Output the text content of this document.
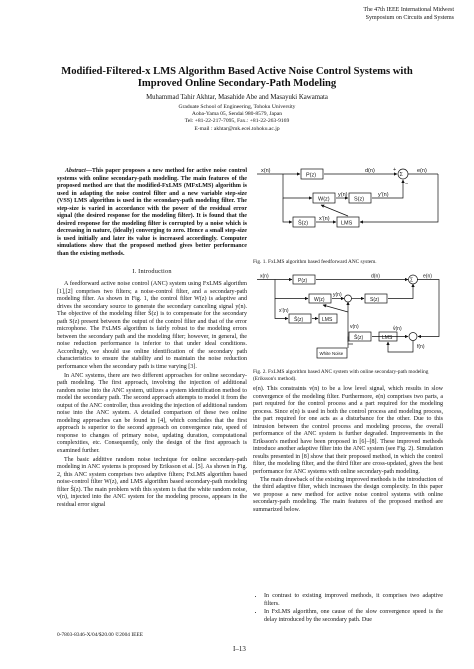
The 47th IEEE International Midwest
Symposium on Circuits and Systems
Modified-Filtered-x LMS Algorithm Based Active Noise Control Systems with
Improved Online Secondary-Path Modeling
Muhammad Tahir Akhtar, Masahide Abe and Masayuki Kawamata
Graduate School of Engineering, Tohoku University
Aoba-Yama 05, Sendai 980-8579, Japan
Tel: +81-22-217-7095, Fax.: +81-22-263-9169
E-mail : akhtar@mk.ecei.tohoku.ac.jp

Abstract—This paper proposes a new method for active noise control systems with online secondary-path modeling. The main features of the proposed method are that the modified-FxLMS (MFxLMS) algorithm is used in adapting the noise control filter and a new variable step-size (VSS) LMS algorithm is used in the secondary-path modeling filter. The step-size is varied in accordance with the power of the residual error signal (the desired response for the modeling filter). It is found that the desired response for the modeling filter is corrupted by a noise which is decreasing in nature, (ideally) converging to zero. Hence a small step-size is used initially and later its value is increased accordingly. Computer simulations show that the proposed method gives better performance than the existing methods.

I. Introduction

A feedforward active noise control (ANC) system using FxLMS algorithm [1],[2] comprises two filters; a noise-control filter, and a secondary-path modeling filter. As shown in Fig. 1, the control filter W(z) is adaptive and drives the secondary source to generate the secondary canceling signal y(n). The objective of the modeling filter Ŝ(z) is to compensate for the secondary path S(z) present between the output of the control filter and that of the error microphone. The FxLMS algorithm is fairly robust to the modeling errors between the secondary path and the modeling filter; however, in general, the noise reduction performance is inferior to that under ideal conditions. Accordingly, we should use online identification of the secondary path characteristics to ensure the stability and to maintain the noise reduction performance when the secondary path is time varying [3].

In ANC systems, there are two different approaches for online secondary-path modeling. The first approach, involving the injection of additional random noise into the ANC system, utilizes a system identification method to model the secondary path. The second approach attempts to model it from the output of the ANC controller, thus avoiding the injection of additional random noise into the ANC system. A detailed comparison of these two online modeling approaches can be found in [4], which concludes that the first approach is superior to the second approach on convergence rate, speed of response to changes of primary noise, updating duration, computational complexities, etc. Consequently, only the design of the first approach is examined further.

The basic additive random noise technique for online secondary-path modeling in ANC systems is proposed by Eriksson et al. [5]. As shown in Fig. 2, this ANC system comprises two adaptive filters; FxLMS algorithm based noise-control filter W(z), and LMS algorithm based secondary-path modeling filter Ŝ(z). The main problem with this system is that the white random noise, v(n), injected into the ANC system for the modeling process, appears in the residual error signal

x(n)
P(z)
d(n)
Σ
+
−
e(n)
W(z)
y(n)
S(z)
y'(n)
Ŝ(z)
x'(n)
LMS
Fig. 1. FxLMS algorithm based feedforward ANC system.
x(n)
P(z)
d(n)
Σ
e(n)
W(z)
y(n)
S(z)
Ŝ(z)
x'(n)
LMS
Ŝ(z)	LMS
White Noise
v(n)	v̂(n)
f(n)
Fig. 2. FxLMS algorithm based ANC system with online secondary-path modeling (Eriksson's method).

e(n). This constraints v(n) to be a low level signal, which results in slow convergence of the modeling filter. Furthermore, e(n) comprises two parts, a part required for the control process and a part required for the modeling process. Since e(n) is used in both the control process and modeling process, the part required for one acts as a disturbance for the other. Due to this intrusion between the control process and modeling process, the overall performance of the ANC system is further degraded. Improvements in the Eriksson's method have been proposed in [6]–[8]. These improved methods introduce another adaptive filter into the ANC system (see Fig. 2). Simulation results presented in [8] show that their proposed method, in which the control filter, the modeling filter, and the third filter are cross-updated, gives the best performance for ANC systems with online secondary-path modeling.

The main drawback of the existing improved methods is the introduction of the third adaptive filter, which increases the design complexity. In this paper we propose a new method for active noise control systems with online secondary-path modeling. The main features of the proposed method are summarized below.

• In contrast to existing improved methods, it comprises two adaptive filters.
• In FxLMS algorithm, one cause of the slow convergence speed is the delay introduced by the secondary path. Due
0-7803-8346-X/04/$20.00 ©2004 IEEE
I–13
